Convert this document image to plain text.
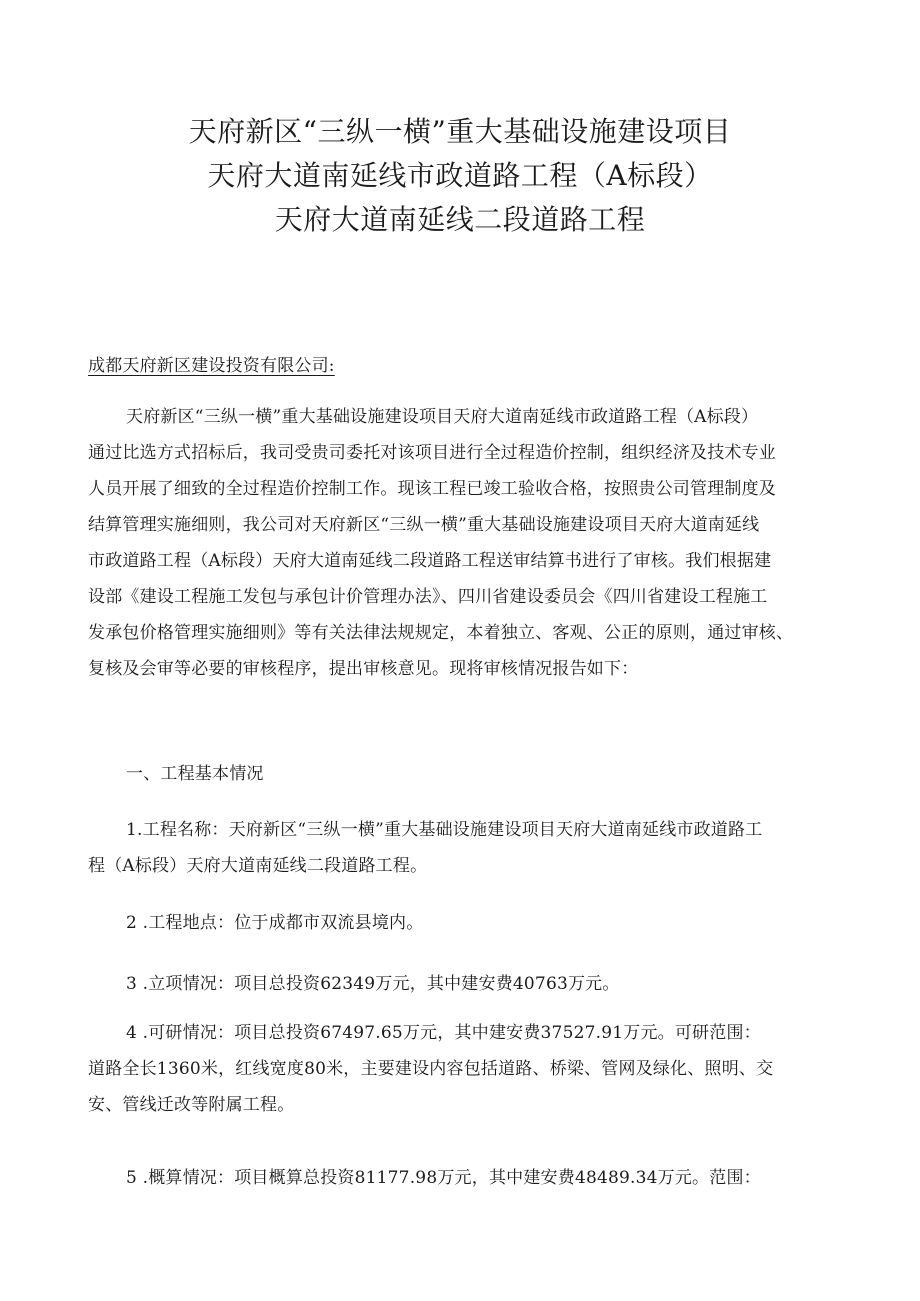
天府新区“三纵一横”重大基础设施建设项目
天府大道南延线市政道路工程（A标段）
天府大道南延线二段道路工程
成都天府新区建设投资有限公司:
天府新区“三纵一横”重大基础设施建设项目天府大道南延线市政道路工程（A标段）
通过比选方式招标后，我司受贵司委托对该项目进行全过程造价控制，组织经济及技术专业
人员开展了细致的全过程造价控制工作。现该工程已竣工验收合格，按照贵公司管理制度及
结算管理实施细则，我公司对天府新区“三纵一横”重大基础设施建设项目天府大道南延线
市政道路工程（A标段）天府大道南延线二段道路工程送审结算书进行了审核。我们根据建
设部《建设工程施工发包与承包计价管理办法》、四川省建设委员会《四川省建设工程施工
发承包价格管理实施细则》等有关法律法规规定，本着独立、客观、公正的原则，通过审核、
复核及会审等必要的审核程序，提出审核意见。现将审核情况报告如下：
一、工程基本情况
1.工程名称：天府新区“三纵一横”重大基础设施建设项目天府大道南延线市政道路工
程（A标段）天府大道南延线二段道路工程。
2 .工程地点：位于成都市双流县境内。
3 .立项情况：项目总投资62349万元，其中建安费40763万元。
4 .可研情况：项目总投资67497.65万元，其中建安费37527.91万元。可研范围：
道路全长1360米，红线宽度80米，主要建设内容包括道路、桥梁、管网及绿化、照明、交
安、管线迁改等附属工程。
5 .概算情况：项目概算总投资81177.98万元，其中建安费48489.34万元。范围：
